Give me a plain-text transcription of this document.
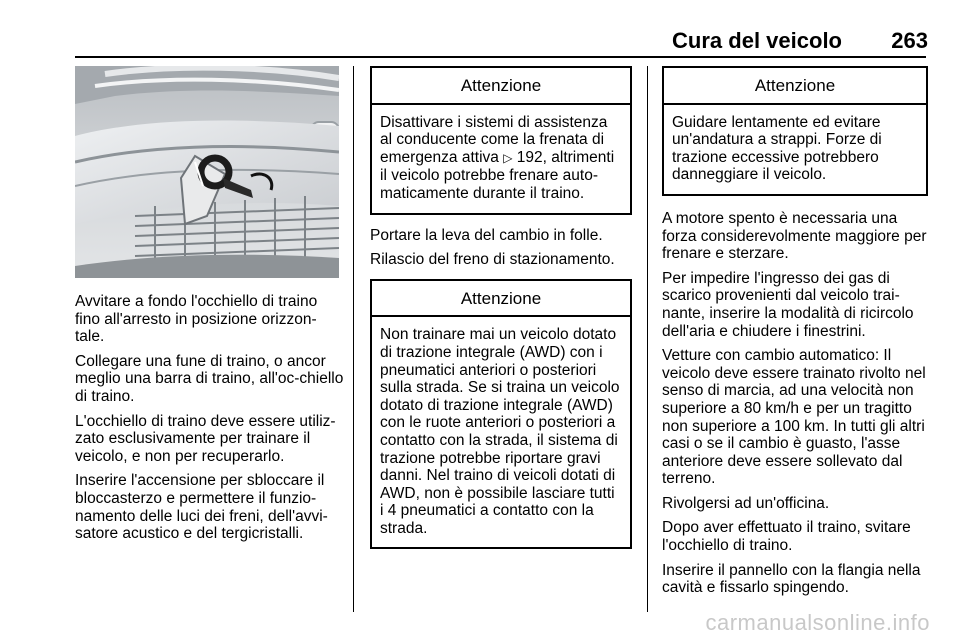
Cura del veicolo 263

Avvitare a fondo l'occhiello di traino fino all'arresto in posizione orizzon-tale.

Collegare una fune di traino, o ancor meglio una barra di traino, all'oc-chiello di traino.

L'occhiello di traino deve essere utiliz-zato esclusivamente per trainare il veicolo, e non per recuperarlo.

Inserire l'accensione per sbloccare il bloccasterzo e permettere il funzio-namento delle luci dei freni, dell'avvi-satore acustico e del tergicristalli.

Attenzione
Disattivare i sistemi di assistenza al conducente come la frenata di emergenza attiva ▷ 192, altrimenti il veicolo potrebbe frenare auto-maticamente durante il traino.

Portare la leva del cambio in folle.

Rilascio del freno di stazionamento.

Attenzione
Non trainare mai un veicolo dotato di trazione integrale (AWD) con i pneumatici anteriori o posteriori sulla strada. Se si traina un veicolo dotato di trazione integrale (AWD) con le ruote anteriori o posteriori a contatto con la strada, il sistema di trazione potrebbe riportare gravi danni. Nel traino di veicoli dotati di AWD, non è possibile lasciare tutti i 4 pneumatici a contatto con la strada.
Attenzione
Guidare lentamente ed evitare un'andatura a strappi. Forze di trazione eccessive potrebbero danneggiare il veicolo.

A motore spento è necessaria una forza considerevolmente maggiore per frenare e sterzare.

Per impedire l'ingresso dei gas di scarico provenienti dal veicolo trai-nante, inserire la modalità di ricircolo dell'aria e chiudere i finestrini.

Vetture con cambio automatico: Il veicolo deve essere trainato rivolto nel senso di marcia, ad una velocità non superiore a 80 km/h e per un tragitto non superiore a 100 km. In tutti gli altri casi o se il cambio è guasto, l'asse anteriore deve essere sollevato dal terreno.

Rivolgersi ad un'officina.

Dopo aver effettuato il traino, svitare l'occhiello di traino.

Inserire il pannello con la flangia nella cavità e fissarlo spingendo.

carmanualsonline.info
